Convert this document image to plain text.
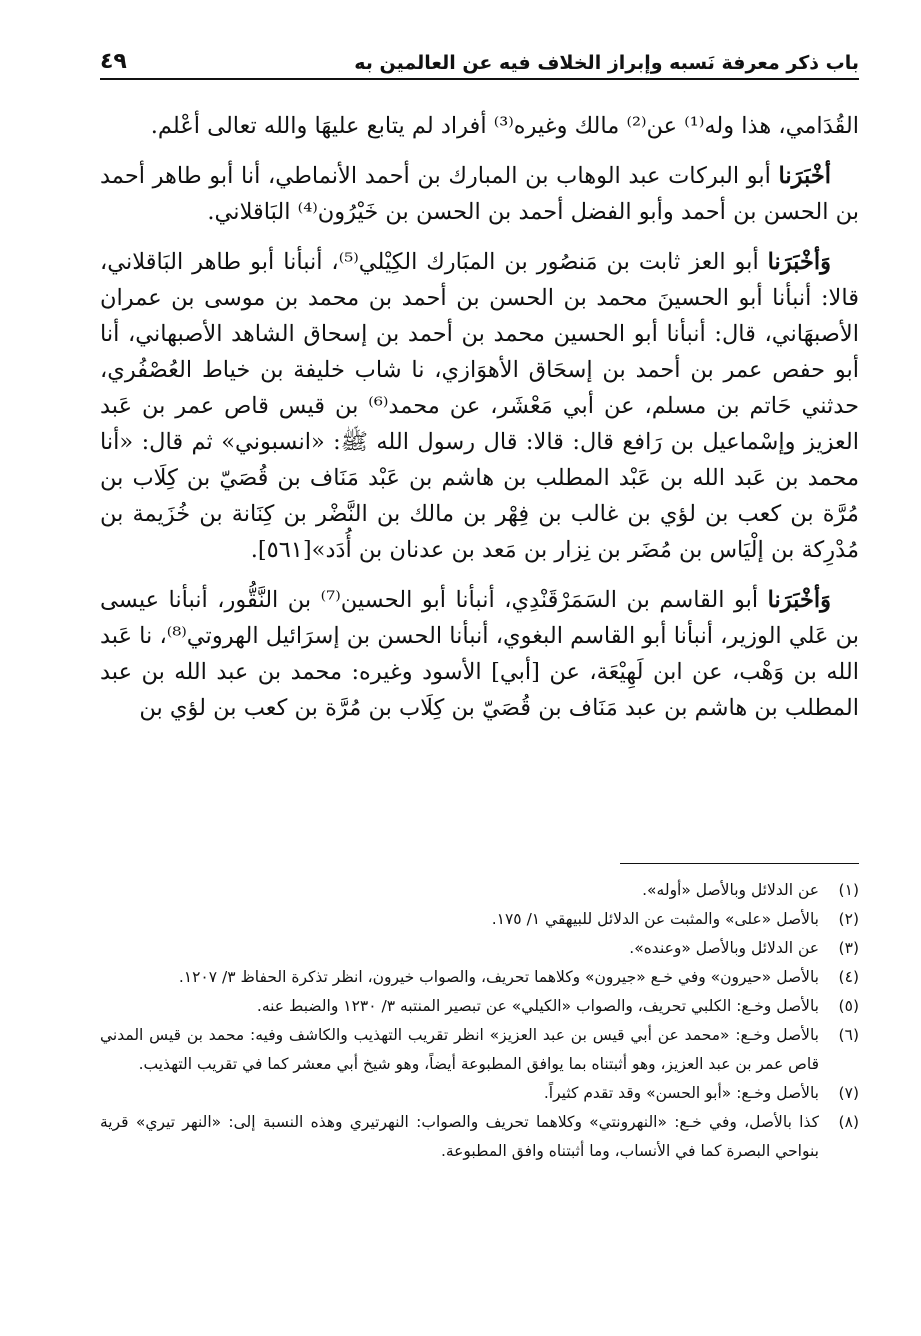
باب ذكر معرفة نَسبه وإبراز الخلاف فيه عن العالمين به
٤٩

القُدَامي، هذا وله⁽¹⁾ عن⁽²⁾ مالك وغيره⁽³⁾ أفراد لم يتابع عليهَا والله تعالى أعْلم.

أخْبَرَنا أبو البركات عبد الوهاب بن المبارك بن أحمد الأنماطي، أنا أبو طاهر أحمد بن الحسن بن أحمد وأبو الفضل أحمد بن الحسن بن خَيْرُون⁽⁴⁾ البَاقلاني.

وَأخْبَرَنا أبو العز ثابت بن مَنصُور بن المبَارك الكِيْلي⁽⁵⁾، أنبأنا أبو طاهر البَاقلاني، قالا: أنبأنا أبو الحسينَ محمد بن الحسن بن أحمد بن محمد بن موسى بن عمران الأصبهَاني، قال: أنبأنا أبو الحسين محمد بن أحمد بن إسحاق الشاهد الأصبهاني، أنا أبو حفص عمر بن أحمد بن إسحَاق الأهوَازي، نا شاب خليفة بن خياط العُصْفُري، حدثني حَاتم بن مسلم، عن أبي مَعْشَر، عن محمد⁽⁶⁾ بن قيس قاص عمر بن عَبد العزيز وإسْماعيل بن رَافع قال: قالا: قال رسول الله ﷺ: «انسبوني» ثم قال: «أنا محمد بن عَبد الله بن عَبْد المطلب بن هاشم بن عَبْد مَنَاف بن قُصَيّ بن كِلَاب بن مُرَّة بن كعب بن لؤي بن غالب بن فِهْر بن مالك بن النَّضْر بن كِنَانة بن خُزَيمة بن مُدْرِكة بن إلْيَاس بن مُضَر بن نِزار بن مَعد بن عدنان بن أُدَد»[٥٦١].

وَأخْبَرَنا أبو القاسم بن السَمَرْقَنْدِي، أنبأنا أبو الحسين⁽⁷⁾ بن النَّقُّور، أنبأنا عيسى بن عَلي الوزير، أنبأنا أبو القاسم البغوي، أنبأنا الحسن بن إسرَائيل الهروتي⁽⁸⁾، نا عَبد الله بن وَهْب، عن ابن لَهِيْعَة، عن [أبي] الأسود وغيره: محمد بن عبد الله بن عبد المطلب بن هاشم بن عبد مَنَاف بن قُصَيّ بن كِلَاب بن مُرَّة بن كعب بن لؤي بن

(١)
عن الدلائل وبالأصل «أوله».

(٢)
بالأصل «على» والمثبت عن الدلائل للبيهقي ١/ ١٧٥.

(٣)
عن الدلائل وبالأصل «وعنده».

(٤)
بالأصل «حيرون» وفي خـع «جيرون» وكلاهما تحريف، والصواب خيرون، انظر تذكرة الحفاظ ٣/ ١٢٠٧.

(٥)
بالأصل وخـع: الكلبي تحريف، والصواب «الكيلي» عن تبصير المنتبه ٣/ ١٢٣٠ والضبط عنه.

(٦)
بالأصل وخـع: «محمد عن أبي قيس بن عبد العزيز» انظر تقريب التهذيب والكاشف وفيه: محمد بن قيس المدني قاص عمر بن عبد العزيز، وهو أثبتناه بما يوافق المطبوعة أيضاً، وهو شيخ أبي معشر كما في تقريب التهذيب.

(٧)
بالأصل وخـع: «أبو الحسن» وقد تقدم كثيراً.

(٨)
كذا بالأصل، وفي خـع: «النهرونتي» وكلاهما تحريف والصواب: النهرتيري وهذه النسبة إلى: «النهر تيري» قرية بنواحي البصرة كما في الأنساب، وما أثبتناه وافق المطبوعة.
